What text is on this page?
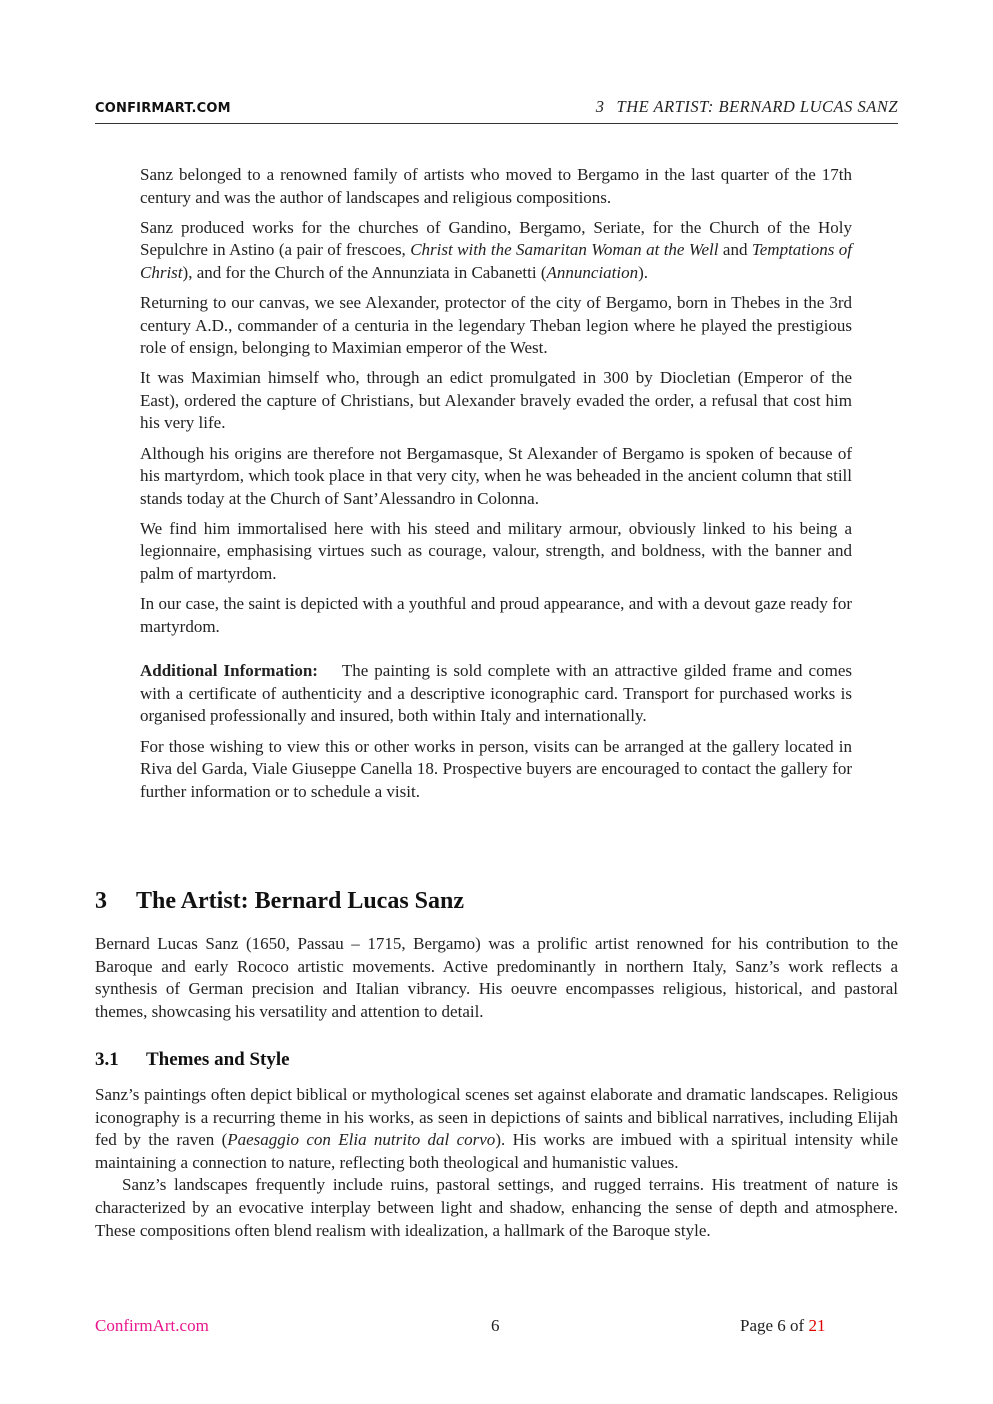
CONFIRMART.COM	3 THE ARTIST: BERNARD LUCAS SANZ

Sanz belonged to a renowned family of artists who moved to Bergamo in the last quarter of the 17th century and was the author of landscapes and religious compositions.

Sanz produced works for the churches of Gandino, Bergamo, Seriate, for the Church of the Holy Sepulchre in Astino (a pair of frescoes, Christ with the Samaritan Woman at the Well and Temptations of Christ), and for the Church of the Annunziata in Cabanetti (Annunciation).

Returning to our canvas, we see Alexander, protector of the city of Bergamo, born in Thebes in the 3rd century A.D., commander of a centuria in the legendary Theban legion where he played the prestigious role of ensign, belonging to Maximian emperor of the West.

It was Maximian himself who, through an edict promulgated in 300 by Diocletian (Emperor of the East), ordered the capture of Christians, but Alexander bravely evaded the order, a refusal that cost him his very life.

Although his origins are therefore not Bergamasque, St Alexander of Bergamo is spoken of because of his martyrdom, which took place in that very city, when he was beheaded in the ancient column that still stands today at the Church of Sant’Alessandro in Colonna.

We find him immortalised here with his steed and military armour, obviously linked to his being a legionnaire, emphasising virtues such as courage, valour, strength, and boldness, with the banner and palm of martyrdom.

In our case, the saint is depicted with a youthful and proud appearance, and with a devout gaze ready for martyrdom.

Additional Information: The painting is sold complete with an attractive gilded frame and comes with a certificate of authenticity and a descriptive iconographic card. Transport for purchased works is organised professionally and insured, both within Italy and internationally.

For those wishing to view this or other works in person, visits can be arranged at the gallery located in Riva del Garda, Viale Giuseppe Canella 18. Prospective buyers are encouraged to contact the gallery for further information or to schedule a visit.

3 The Artist: Bernard Lucas Sanz

Bernard Lucas Sanz (1650, Passau – 1715, Bergamo) was a prolific artist renowned for his contribution to the Baroque and early Rococo artistic movements. Active predominantly in northern Italy, Sanz’s work reflects a synthesis of German precision and Italian vibrancy. His oeuvre encompasses religious, historical, and pastoral themes, showcasing his versatility and attention to detail.

3.1 Themes and Style

Sanz’s paintings often depict biblical or mythological scenes set against elaborate and dramatic landscapes. Religious iconography is a recurring theme in his works, as seen in depictions of saints and biblical narratives, including Elijah fed by the raven (Paesaggio con Elia nutrito dal corvo). His works are imbued with a spiritual intensity while maintaining a connection to nature, reflecting both theological and humanistic values.

Sanz’s landscapes frequently include ruins, pastoral settings, and rugged terrains. His treatment of nature is characterized by an evocative interplay between light and shadow, enhancing the sense of depth and atmosphere. These compositions often blend realism with idealization, a hallmark of the Baroque style.

ConfirmArt.com	6	Page 6 of 21
